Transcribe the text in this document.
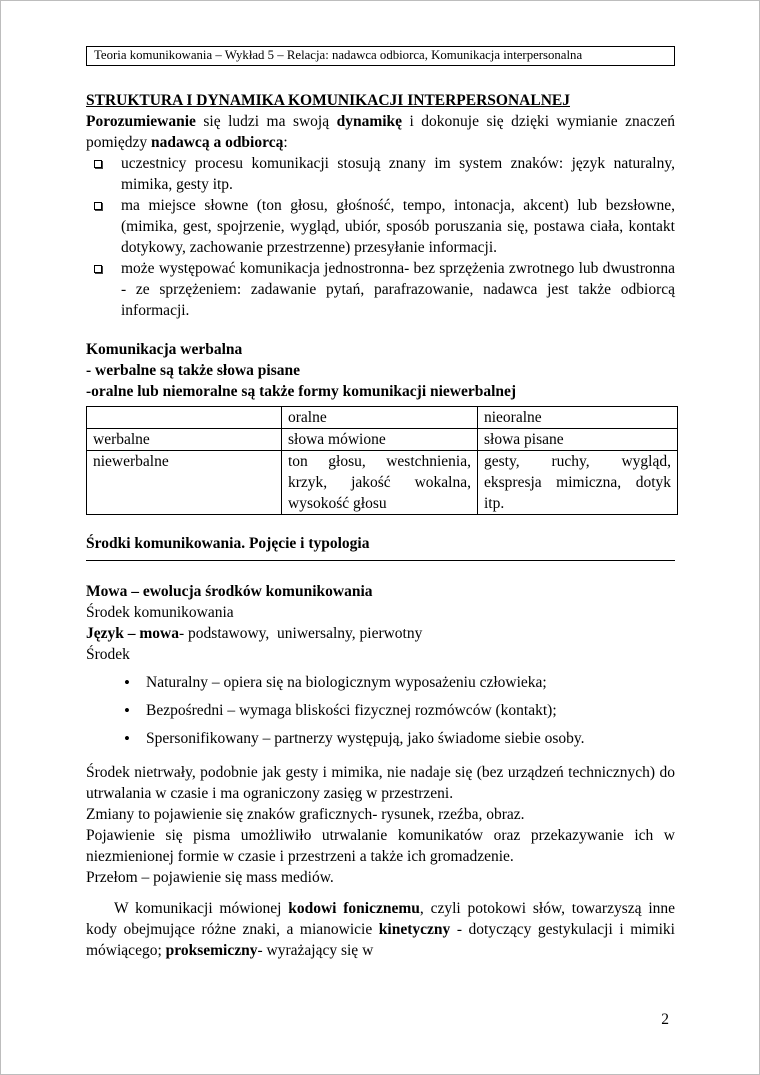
Teoria komunikowania – Wykład 5 – Relacja: nadawca odbiorca, Komunikacja interpersonalna
STRUKTURA I DYNAMIKA KOMUNIKACJI INTERPERSONALNEJ
Porozumiewanie się ludzi ma swoją dynamikę i dokonuje się dzięki wymianie znaczeń pomiędzy nadawcą a odbiorcą:
uczestnicy procesu komunikacji stosują znany im system znaków: język naturalny, mimika, gesty itp.
ma miejsce słowne (ton głosu, głośność, tempo, intonacja, akcent) lub bezsłowne,(mimika, gest, spojrzenie, wygląd, ubiór, sposób poruszania się, postawa ciała, kontakt dotykowy, zachowanie przestrzenne) przesyłanie informacji.
może występować komunikacja jednostronna- bez sprzężenia zwrotnego lub dwustronna - ze sprzężeniem: zadawanie pytań, parafrazowanie, nadawca jest także odbiorcą informacji.
Komunikacja werbalna
- werbalne są także słowa pisane
-oralne lub niemoralne są także formy komunikacji niewerbalnej
	oralne	nieoralne
werbalne	słowa mówione	słowa pisane
niewerbalne	ton głosu, westchnienia, krzyk, jakość wokalna, wysokość głosu	gesty, ruchy, wygląd, ekspresja mimiczna, dotyk itp.
Środki komunikowania. Pojęcie i typologia
Mowa – ewolucja środków komunikowania
Środek komunikowania
Język – mowa- podstawowy,  uniwersalny, pierwotny
Środek
• Naturalny – opiera się na biologicznym wyposażeniu człowieka;
• Bezpośredni – wymaga bliskości fizycznej rozmówców (kontakt);
• Spersonifikowany – partnerzy występują, jako świadome siebie osoby.
Środek nietrwały, podobnie jak gesty i mimika, nie nadaje się (bez urządzeń technicznych) do utrwalania w czasie i ma ograniczony zasięg w przestrzeni.
Zmiany to pojawienie się znaków graficznych- rysunek, rzeźba, obraz.
Pojawienie się pisma umożliwiło utrwalanie komunikatów oraz przekazywanie ich w niezmienionej formie w czasie i przestrzeni a także ich gromadzenie.
Przełom – pojawienie się mass mediów.
W komunikacji mówionej kodowi fonicznemu, czyli potokowi słów, towarzyszą inne kody obejmujące różne znaki, a mianowicie kinetyczny - dotyczący gestykulacji i mimiki mówiącego; proksemiczny- wyrażający się w
2
